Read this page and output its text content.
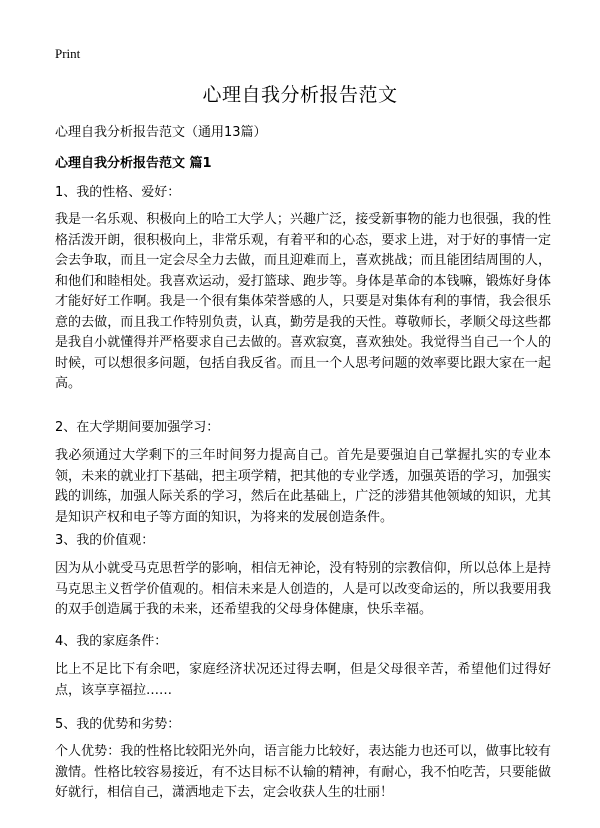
Print
心理自我分析报告范文
心理自我分析报告范文（通用13篇）
心理自我分析报告范文 篇1
1、我的性格、爱好：

我是一名乐观、积极向上的哈工大学人；兴趣广泛，接受新事物的能力也很强，我的性格活泼开朗，很积极向上，非常乐观，有着平和的心态，要求上进，对于好的事情一定会去争取，而且一定会尽全力去做，而且迎难而上，喜欢挑战；而且能团结周围的人，和他们和睦相处。我喜欢运动，爱打篮球、跑步等。身体是革命的本钱嘛，锻炼好身体才能好好工作啊。我是一个很有集体荣誉感的人，只要是对集体有利的事情，我会很乐意的去做，而且我工作特别负责，认真，勤劳是我的天性。尊敬师长，孝顺父母这些都是我自小就懂得并严格要求自己去做的。喜欢寂寞，喜欢独处。我觉得当自己一个人的时候，可以想很多问题，包括自我反省。而且一个人思考问题的效率要比跟大家在一起高。

2、在大学期间要加强学习：

我必须通过大学剩下的三年时间努力提高自己。首先是要强迫自己掌握扎实的专业本领，未来的就业打下基础，把主项学精，把其他的专业学透，加强英语的学习，加强实践的训练，加强人际关系的学习，然后在此基础上，广泛的涉猎其他领域的知识，尤其是知识产权和电子等方面的知识，为将来的发展创造条件。

3、我的价值观：

因为从小就受马克思哲学的影响，相信无神论，没有特别的宗教信仰，所以总体上是持马克思主义哲学价值观的。相信未来是人创造的，人是可以改变命运的，所以我要用我的双手创造属于我的未来，还希望我的父母身体健康，快乐幸福。

4、我的家庭条件：

比上不足比下有余吧，家庭经济状况还过得去啊，但是父母很辛苦，希望他们过得好点，该享享福拉……

5、我的优势和劣势：

个人优势：我的性格比较阳光外向，语言能力比较好，表达能力也还可以，做事比较有激情。性格比较容易接近，有不达目标不认输的精神，有耐心，我不怕吃苦，只要能做好就行，相信自己，潇洒地走下去，定会收获人生的壮丽！
